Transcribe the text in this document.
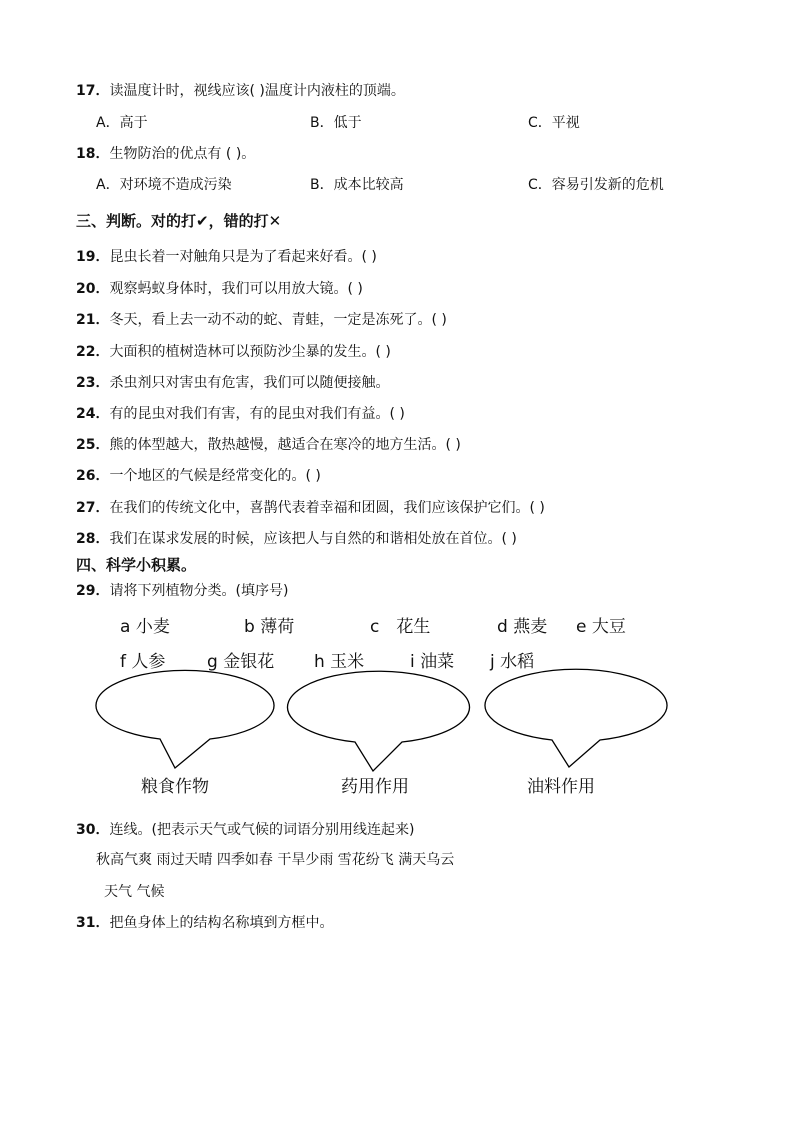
17．读温度计时，视线应该( )温度计内液柱的顶端。
A．高于	B．低于	C．平视
18．生物防治的优点有 ( )。
A．对环境不造成污染	B．成本比较高	C．容易引发新的危机
三、判断。对的打✔，错的打✕
19．昆虫长着一对触角只是为了看起来好看。( )
20．观察蚂蚁身体时，我们可以用放大镜。( )
21．冬天，看上去一动不动的蛇、青蛙，一定是冻死了。( )
22．大面积的植树造林可以预防沙尘暴的发生。( )
23．杀虫剂只对害虫有危害，我们可以随便接触。
24．有的昆虫对我们有害，有的昆虫对我们有益。( )
25．熊的体型越大，散热越慢，越适合在寒冷的地方生活。( )
26．一个地区的气候是经常变化的。( )
27．在我们的传统文化中，喜鹊代表着幸福和团圆，我们应该保护它们。( )
28．我们在谋求发展的时候，应该把人与自然的和谐相处放在首位。( )
四、科学小积累。
29．请将下列植物分类。(填序号)
a 小麦	b 薄荷	c　花生	d 燕麦 e 大豆
f 人参 g 金银花 h 玉米	i 油菜 j 水稻
粮食作物	药用作用	油料作用
30．连线。(把表示天气或气候的词语分别用线连起来)
秋高气爽 雨过天晴 四季如春 干旱少雨 雪花纷飞 满天乌云
天气 气候
31．把鱼身体上的结构名称填到方框中。
